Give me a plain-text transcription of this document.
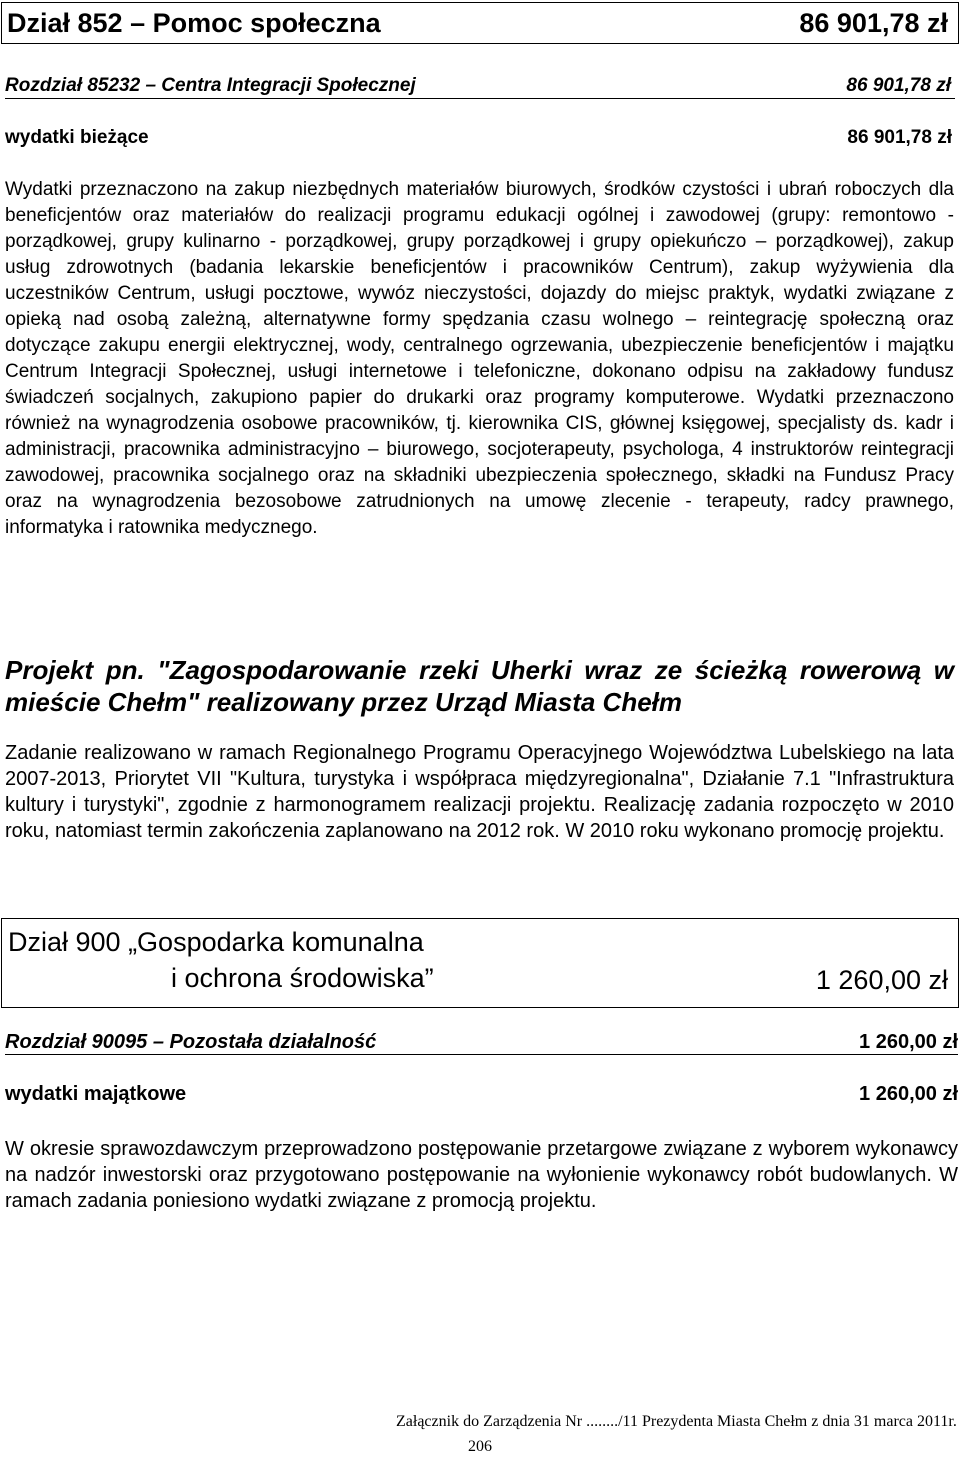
Dział 852 – Pomoc społeczna	86 901,78 zł
Rozdział 85232 – Centra Integracji Społecznej	86 901,78 zł
wydatki bieżące	86 901,78 zł
Wydatki przeznaczono na zakup niezbędnych materiałów biurowych, środków czystości i ubrań roboczych dla beneficjentów oraz materiałów do realizacji programu edukacji ogólnej i zawodowej (grupy: remontowo - porządkowej, grupy kulinarno - porządkowej, grupy porządkowej i grupy opiekuńczo – porządkowej), zakup usług zdrowotnych (badania lekarskie beneficjentów i pracowników Centrum), zakup wyżywienia dla uczestników Centrum, usługi pocztowe, wywóz nieczystości, dojazdy do miejsc praktyk, wydatki związane z opieką nad osobą zależną, alternatywne formy spędzania czasu wolnego – reintegrację społeczną oraz dotyczące zakupu energii elektrycznej, wody, centralnego ogrzewania, ubezpieczenie beneficjentów i majątku Centrum Integracji Społecznej, usługi internetowe i telefoniczne, dokonano odpisu na zakładowy fundusz świadczeń socjalnych, zakupiono papier do drukarki oraz programy komputerowe. Wydatki przeznaczono również na wynagrodzenia osobowe pracowników, tj. kierownika CIS, głównej księgowej, specjalisty ds. kadr i administracji, pracownika administracyjno – biurowego, socjoterapeuty, psychologa, 4 instruktorów reintegracji zawodowej, pracownika socjalnego oraz na składniki ubezpieczenia społecznego, składki na Fundusz Pracy oraz na wynagrodzenia bezosobowe zatrudnionych na umowę zlecenie - terapeuty, radcy prawnego, informatyka i ratownika medycznego.
Projekt pn. "Zagospodarowanie rzeki Uherki wraz ze ścieżką rowerową w mieście Chełm" realizowany przez Urząd Miasta Chełm
Zadanie realizowano w ramach Regionalnego Programu Operacyjnego Województwa Lubelskiego na lata 2007-2013, Priorytet VII "Kultura, turystyka i współpraca międzyregionalna", Działanie 7.1 "Infrastruktura kultury i turystyki", zgodnie z harmonogramem realizacji projektu. Realizację zadania rozpoczęto w 2010 roku, natomiast termin zakończenia zaplanowano na 2012 rok. W 2010 roku wykonano promocję projektu.
Dział 900 „Gospodarka komunalna
i ochrona środowiska”	1 260,00 zł
Rozdział 90095 – Pozostała działalność	1 260,00 zł
wydatki majątkowe	1 260,00 zł
W okresie sprawozdawczym przeprowadzono postępowanie przetargowe związane z wyborem wykonawcy na nadzór inwestorski oraz przygotowano postępowanie na wyłonienie wykonawcy robót budowlanych. W ramach zadania poniesiono wydatki związane z promocją projektu.
Załącznik do Zarządzenia Nr ......../11 Prezydenta Miasta Chełm z dnia 31 marca 2011r.
206
